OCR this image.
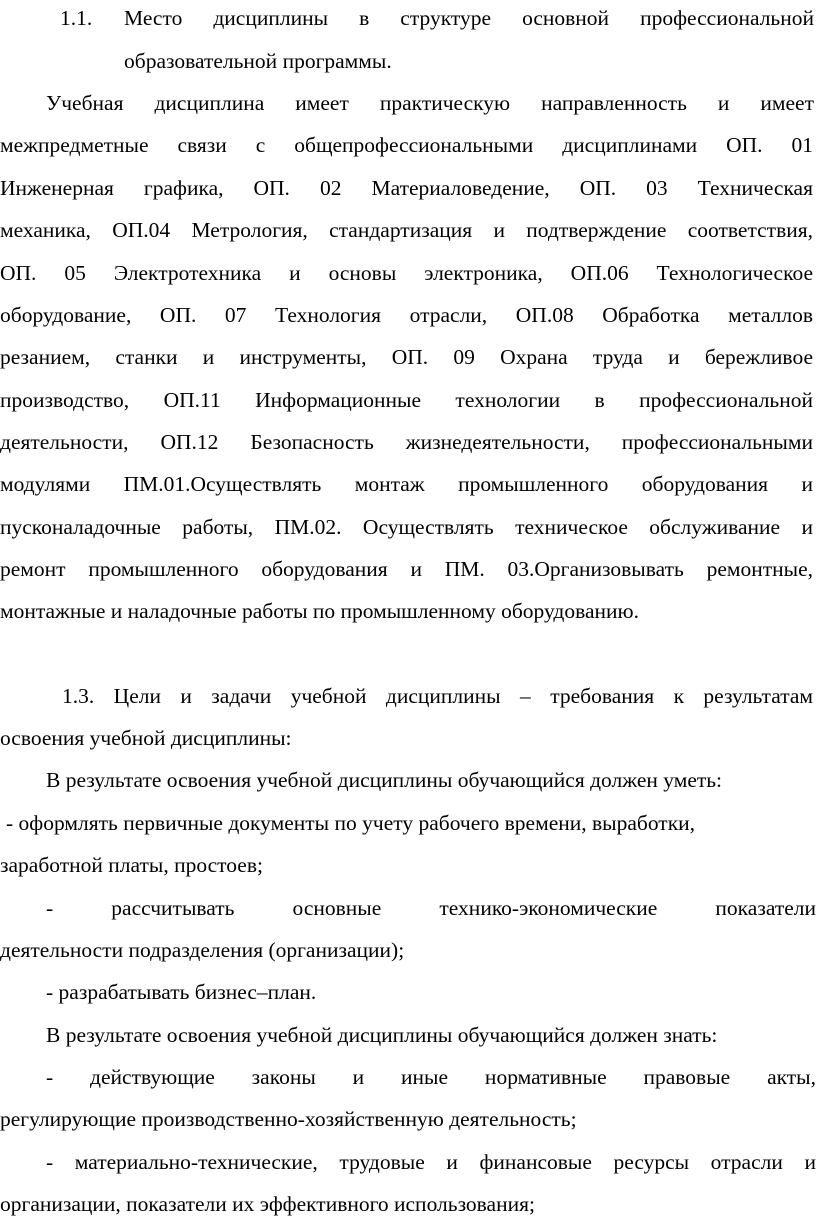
1.1.	Место дисциплины в структуре основной профессиональной
образовательной программы.
Учебная дисциплина имеет практическую направленность и имеет
межпредметные связи с общепрофессиональными дисциплинами ОП. 01
Инженерная графика, ОП. 02 Материаловедение, ОП. 03 Техническая
механика, ОП.04 Метрология, стандартизация и подтверждение соответствия,
ОП. 05 Электротехника и основы электроника, ОП.06 Технологическое
оборудование, ОП. 07 Технология отрасли, ОП.08 Обработка металлов
резанием, станки и инструменты, ОП. 09 Охрана труда и бережливое
производство, ОП.11 Информационные технологии в профессиональной
деятельности, ОП.12 Безопасность жизнедеятельности, профессиональными
модулями ПМ.01.Осуществлять монтаж промышленного оборудования и
пусконаладочные работы, ПМ.02. Осуществлять техническое обслуживание и
ремонт промышленного оборудования и ПМ. 03.Организовывать ремонтные,
монтажные и наладочные работы по промышленному оборудованию.
1.3. Цели и задачи учебной дисциплины – требования к результатам
освоения учебной дисциплины:
В результате освоения учебной дисциплины обучающийся должен уметь:
- оформлять первичные документы по учету рабочего времени, выработки,
заработной платы, простоев;
- рассчитывать основные технико-экономические показатели
деятельности подразделения (организации);
- разрабатывать бизнес–план.
В результате освоения учебной дисциплины обучающийся должен знать:
- действующие законы и иные нормативные правовые акты,
регулирующие производственно-хозяйственную деятельность;
- материально-технические, трудовые и финансовые ресурсы отрасли и
организации, показатели их эффективного использования;
